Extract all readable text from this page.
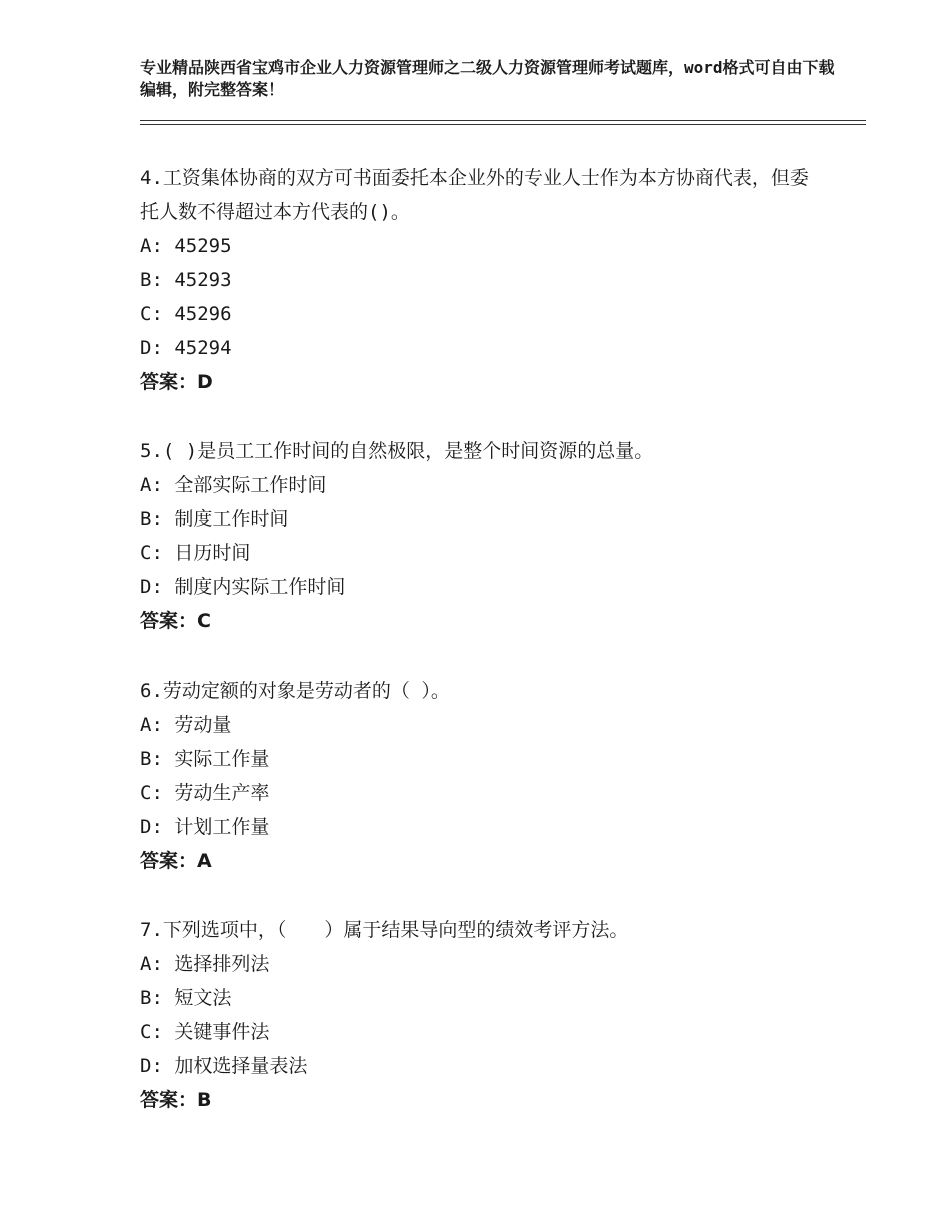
专业精品陕西省宝鸡市企业人力资源管理师之二级人力资源管理师考试题库，word格式可自由下载编辑，附完整答案！
4.工资集体协商的双方可书面委托本企业外的专业人士作为本方协商代表，但委托人数不得超过本方代表的()。
A: 45295
B: 45293
C: 45296
D: 45294
答案：D
5.( )是员工工作时间的自然极限，是整个时间资源的总量。
A: 全部实际工作时间
B: 制度工作时间
C: 日历时间
D: 制度内实际工作时间
答案：C
6.劳动定额的对象是劳动者的（ ）。
A: 劳动量
B: 实际工作量
C: 劳动生产率
D: 计划工作量
答案：A
7.下列选项中，（　　）属于结果导向型的绩效考评方法。
A: 选择排列法
B: 短文法
C: 关键事件法
D: 加权选择量表法
答案：B
